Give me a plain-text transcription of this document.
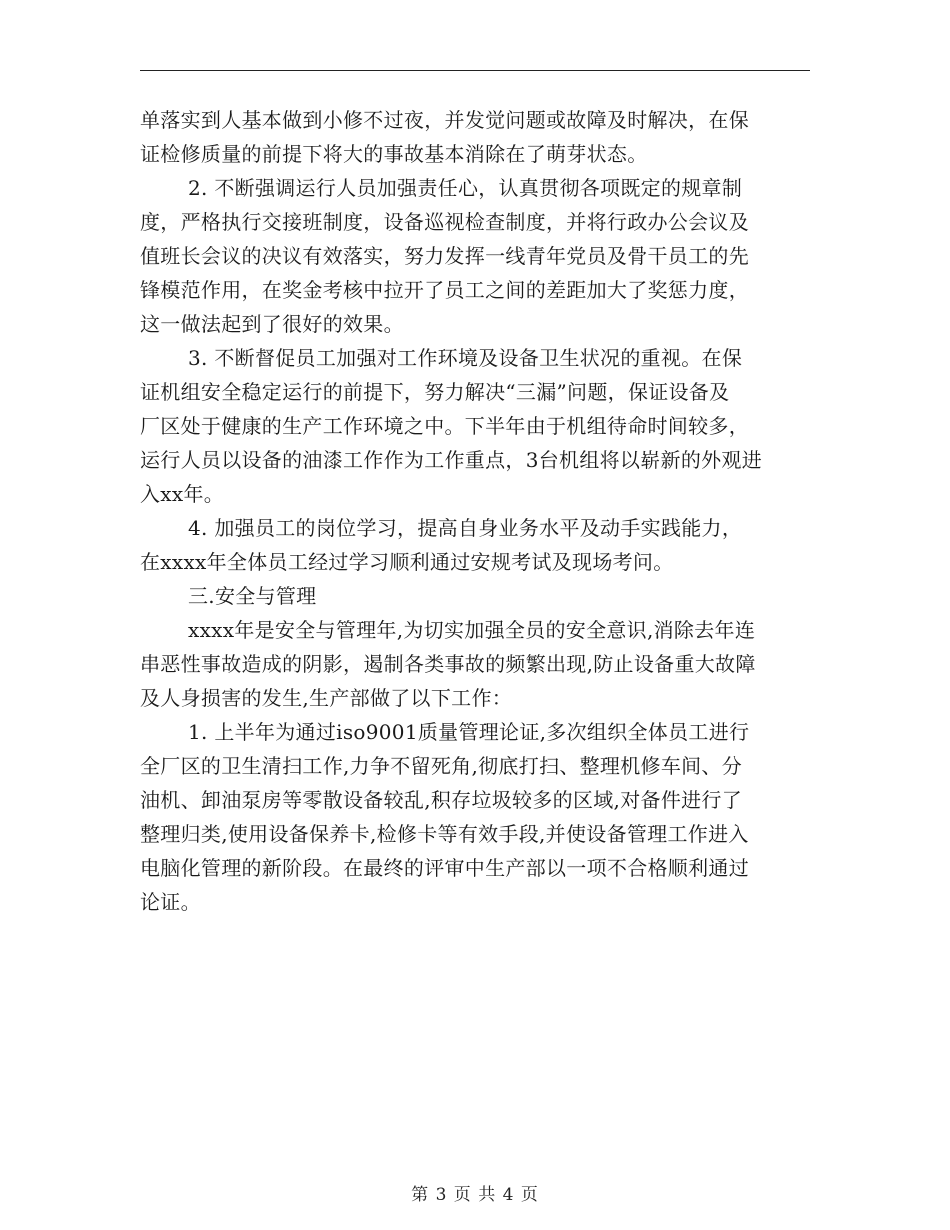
单落实到人基本做到小修不过夜，并发觉问题或故障及时解决，在保
证检修质量的前提下将大的事故基本消除在了萌芽状态。
2. 不断强调运行人员加强责任心，认真贯彻各项既定的规章制
度，严格执行交接班制度，设备巡视检查制度，并将行政办公会议及
值班长会议的决议有效落实，努力发挥一线青年党员及骨干员工的先
锋模范作用，在奖金考核中拉开了员工之间的差距加大了奖惩力度，
这一做法起到了很好的效果。
3. 不断督促员工加强对工作环境及设备卫生状况的重视。在保
证机组安全稳定运行的前提下，努力解决“三漏”问题，保证设备及
厂区处于健康的生产工作环境之中。下半年由于机组待命时间较多，
运行人员以设备的油漆工作作为工作重点，3台机组将以崭新的外观进
入xx年。
4. 加强员工的岗位学习，提高自身业务水平及动手实践能力，
在xxxx年全体员工经过学习顺利通过安规考试及现场考问。
三.安全与管理
xxxx年是安全与管理年,为切实加强全员的安全意识,消除去年连
串恶性事故造成的阴影，遏制各类事故的频繁出现,防止设备重大故障
及人身损害的发生,生产部做了以下工作：
1. 上半年为通过iso9001质量管理论证,多次组织全体员工进行
全厂区的卫生清扫工作,力争不留死角,彻底打扫、整理机修车间、分
油机、卸油泵房等零散设备较乱,积存垃圾较多的区域,对备件进行了
整理归类,使用设备保养卡,检修卡等有效手段,并使设备管理工作进入
电脑化管理的新阶段。在最终的评审中生产部以一项不合格顺利通过
论证。
第 3 页 共 4 页
